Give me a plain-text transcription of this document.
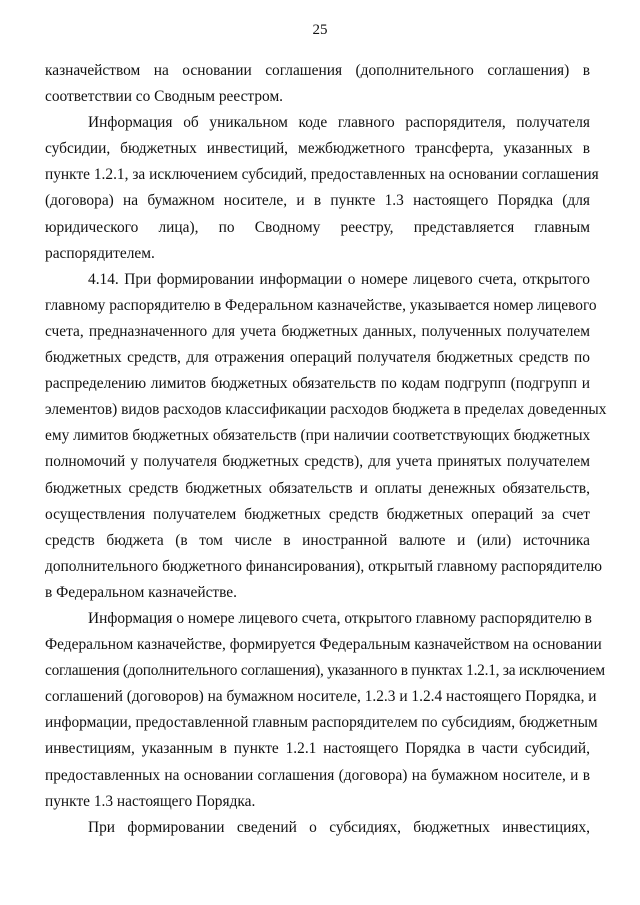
25

казначейством на основании соглашения (дополнительного соглашения) в
соответствии со Сводным реестром.

Информация об уникальном коде главного распорядителя, получателя
субсидии, бюджетных инвестиций, межбюджетного трансферта, указанных в
пункте 1.2.1, за исключением субсидий, предоставленных на основании соглашения
(договора) на бумажном носителе, и в пункте 1.3 настоящего Порядка (для
юридического лица), по Сводному реестру, представляется главным
распорядителем.

4.14. При формировании информации о номере лицевого счета, открытого
главному распорядителю в Федеральном казначействе, указывается номер лицевого
счета, предназначенного для учета бюджетных данных, полученных получателем
бюджетных средств, для отражения операций получателя бюджетных средств по
распределению лимитов бюджетных обязательств по кодам подгрупп (подгрупп и
элементов) видов расходов классификации расходов бюджета в пределах доведенных
ему лимитов бюджетных обязательств (при наличии соответствующих бюджетных
полномочий у получателя бюджетных средств), для учета принятых получателем
бюджетных средств бюджетных обязательств и оплаты денежных обязательств,
осуществления получателем бюджетных средств бюджетных операций за счет
средств бюджета (в том числе в иностранной валюте и (или) источника
дополнительного бюджетного финансирования), открытый главному распорядителю
в Федеральном казначействе.

Информация о номере лицевого счета, открытого главному распорядителю в
Федеральном казначействе, формируется Федеральным казначейством на основании
соглашения (дополнительного соглашения), указанного в пунктах 1.2.1, за исключением
соглашений (договоров) на бумажном носителе, 1.2.3 и 1.2.4 настоящего Порядка, и
информации, предоставленной главным распорядителем по субсидиям, бюджетным
инвестициям, указанным в пункте 1.2.1 настоящего Порядка в части субсидий,
предоставленных на основании соглашения (договора) на бумажном носителе, и в
пункте 1.3 настоящего Порядка.

При формировании сведений о субсидиях, бюджетных инвестициях,
